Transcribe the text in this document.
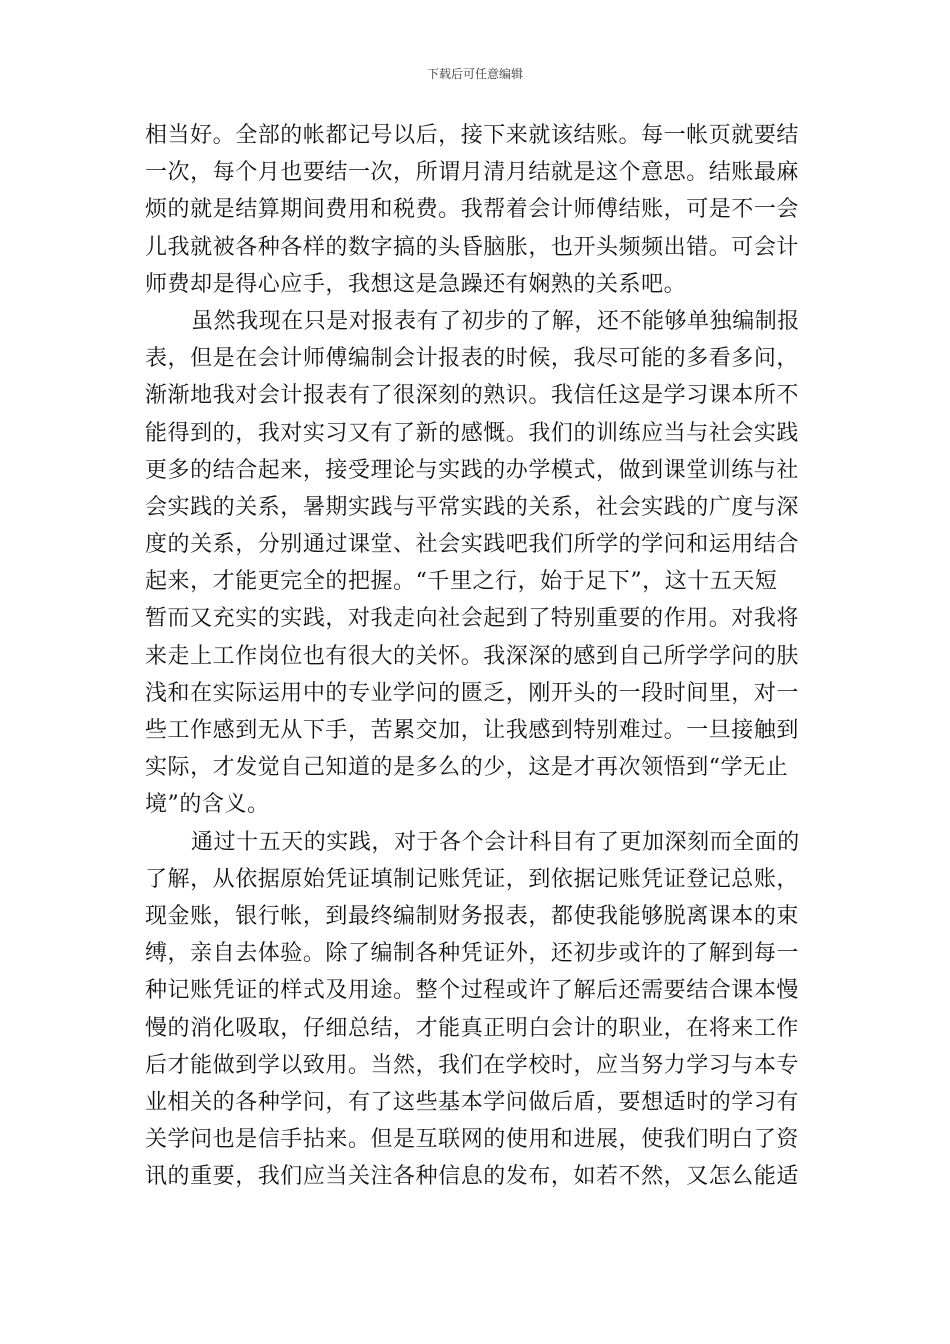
下载后可任意编辑
相当好。全部的帐都记号以后，接下来就该结账。每一帐页就要结
一次，每个月也要结一次，所谓月清月结就是这个意思。结账最麻
烦的就是结算期间费用和税费。我帮着会计师傅结账，可是不一会
儿我就被各种各样的数字搞的头昏脑胀，也开头频频出错。可会计
师费却是得心应手，我想这是急躁还有娴熟的关系吧。
虽然我现在只是对报表有了初步的了解，还不能够单独编制报
表，但是在会计师傅编制会计报表的时候，我尽可能的多看多问，
渐渐地我对会计报表有了很深刻的熟识。我信任这是学习课本所不
能得到的，我对实习又有了新的感慨。我们的训练应当与社会实践
更多的结合起来，接受理论与实践的办学模式，做到课堂训练与社
会实践的关系，暑期实践与平常实践的关系，社会实践的广度与深
度的关系，分别通过课堂、社会实践吧我们所学的学问和运用结合
起来，才能更完全的把握。“千里之行，始于足下”，这十五天短
暂而又充实的实践，对我走向社会起到了特别重要的作用。对我将
来走上工作岗位也有很大的关怀。我深深的感到自己所学学问的肤
浅和在实际运用中的专业学问的匮乏，刚开头的一段时间里，对一
些工作感到无从下手，苦累交加，让我感到特别难过。一旦接触到
实际，才发觉自己知道的是多么的少，这是才再次领悟到“学无止
境”的含义。
通过十五天的实践，对于各个会计科目有了更加深刻而全面的
了解，从依据原始凭证填制记账凭证，到依据记账凭证登记总账，
现金账，银行帐，到最终编制财务报表，都使我能够脱离课本的束
缚，亲自去体验。除了编制各种凭证外，还初步或许的了解到每一
种记账凭证的样式及用途。整个过程或许了解后还需要结合课本慢
慢的消化吸取，仔细总结，才能真正明白会计的职业，在将来工作
后才能做到学以致用。当然，我们在学校时，应当努力学习与本专
业相关的各种学问，有了这些基本学问做后盾，要想适时的学习有
关学问也是信手拈来。但是互联网的使用和进展，使我们明白了资
讯的重要，我们应当关注各种信息的发布，如若不然，又怎么能适
